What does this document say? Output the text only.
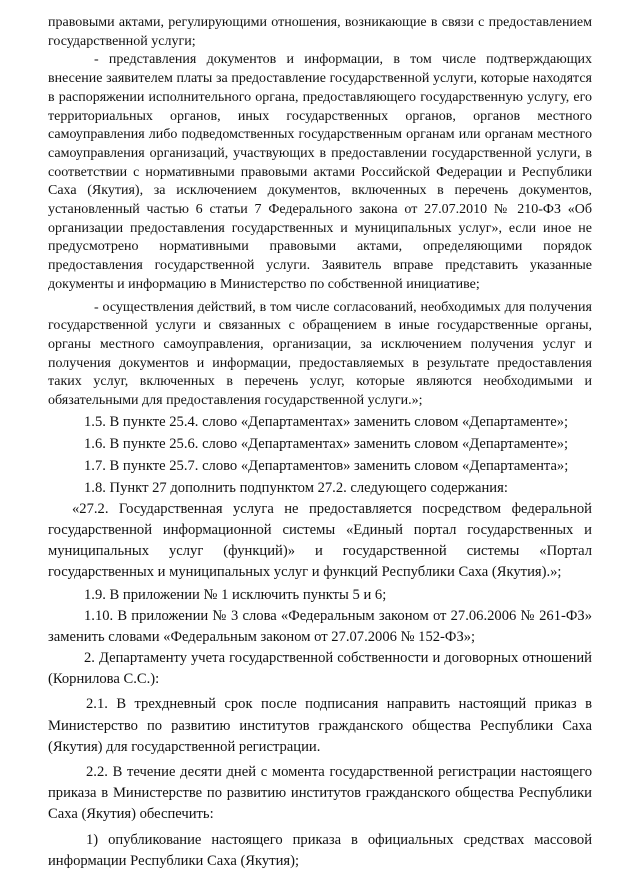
правовыми актами, регулирующими отношения, возникающие в связи с предоставлением государственной услуги;

- представления документов и информации, в том числе подтверждающих внесение заявителем платы за предоставление государственной услуги, которые находятся в распоряжении исполнительного органа, предоставляющего государственную услугу, его территориальных органов, иных государственных органов, органов местного самоуправления либо подведомственных государственным органам или органам местного самоуправления организаций, участвующих в предоставлении государственной услуги, в соответствии с нормативными правовыми актами Российской Федерации и Республики Саха (Якутия), за исключением документов, включенных в перечень документов, установленный частью 6 статьи 7 Федерального закона от 27.07.2010 № 210-ФЗ «Об организации предоставления государственных и муниципальных услуг», если иное не предусмотрено нормативными правовыми актами, определяющими порядок предоставления государственной услуги. Заявитель вправе представить указанные документы и информацию в Министерство по собственной инициативе;

- осуществления действий, в том числе согласований, необходимых для получения государственной услуги и связанных с обращением в иные государственные органы, органы местного самоуправления, организации, за исключением получения услуг и получения документов и информации, предоставляемых в результате предоставления таких услуг, включенных в перечень услуг, которые являются необходимыми и обязательными для предоставления государственной услуги.»;

1.5. В пункте 25.4. слово «Департаментах» заменить словом «Департаменте»;

1.6. В пункте 25.6. слово «Департаментах» заменить словом «Департаменте»;

1.7. В пункте 25.7. слово «Департаментов» заменить словом «Департамента»;

1.8. Пункт 27 дополнить подпунктом 27.2. следующего содержания:

«27.2. Государственная услуга не предоставляется посредством федеральной государственной информационной системы «Единый портал государственных и муниципальных услуг (функций)» и государственной системы «Портал государственных и муниципальных услуг и функций Республики Саха (Якутия).»;

1.9. В приложении № 1 исключить пункты 5 и 6;

1.10. В приложении № 3 слова «Федеральным законом от 27.06.2006 № 261-ФЗ» заменить словами «Федеральным законом от 27.07.2006 № 152-ФЗ»;

2. Департаменту учета государственной собственности и договорных отношений (Корнилова С.С.):

2.1. В трехдневный срок после подписания направить настоящий приказ в Министерство по развитию институтов гражданского общества Республики Саха (Якутия) для государственной регистрации.

2.2. В течение десяти дней с момента государственной регистрации настоящего приказа в Министерстве по развитию институтов гражданского общества Республики Саха (Якутия) обеспечить:

1) опубликование настоящего приказа в официальных средствах массовой информации Республики Саха (Якутия);
